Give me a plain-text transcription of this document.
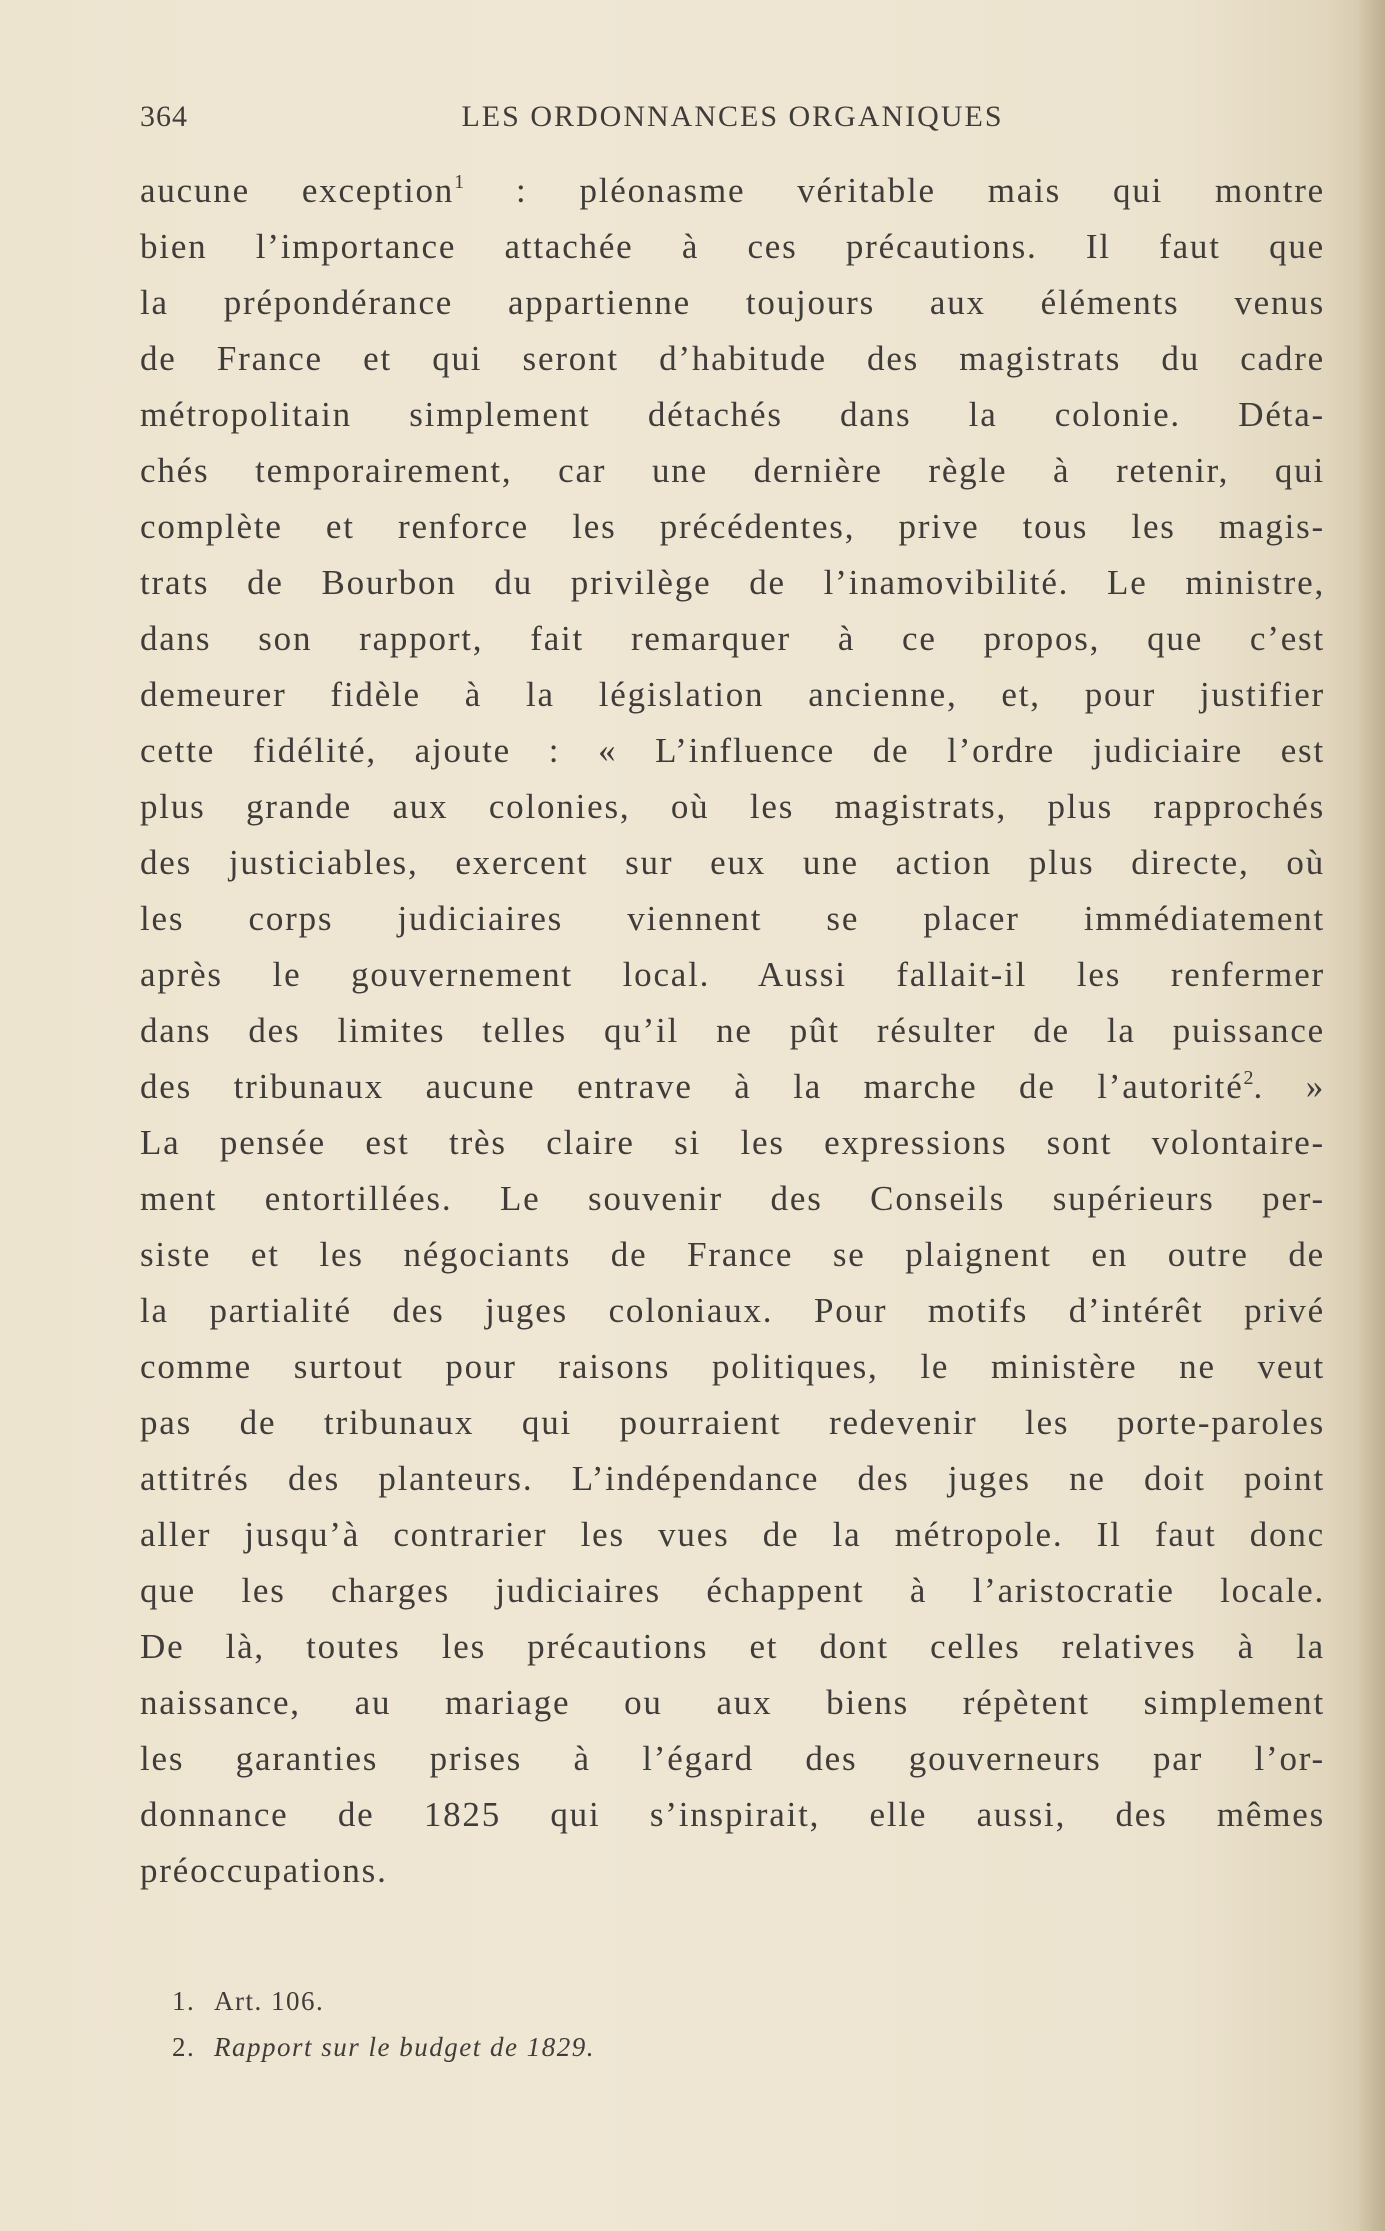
364	LES ORDONNANCES ORGANIQUES
aucune exception$^1$ : pléonasme véritable mais qui montre
bien l’importance attachée à ces précautions. Il faut que
la prépondérance appartienne toujours aux éléments venus
de France et qui seront d’habitude des magistrats du cadre
métropolitain simplement détachés dans la colonie. Déta-
chés temporairement, car une dernière règle à retenir, qui
complète et renforce les précédentes, prive tous les magis-
trats de Bourbon du privilège de l’inamovibilité. Le ministre,
dans son rapport, fait remarquer à ce propos, que c’est
demeurer fidèle à la législation ancienne, et, pour justifier
cette fidélité, ajoute : « L’influence de l’ordre judiciaire est
plus grande aux colonies, où les magistrats, plus rapprochés
des justiciables, exercent sur eux une action plus directe, où
les corps judiciaires viennent se placer immédiatement
après le gouvernement local. Aussi fallait-il les renfermer
dans des limites telles qu’il ne pût résulter de la puissance
des tribunaux aucune entrave à la marche de l’autorité$^2$. »
La pensée est très claire si les expressions sont volontaire-
ment entortillées. Le souvenir des Conseils supérieurs per-
siste et les négociants de France se plaignent en outre de
la partialité des juges coloniaux. Pour motifs d’intérêt privé
comme surtout pour raisons politiques, le ministère ne veut
pas de tribunaux qui pourraient redevenir les porte-paroles
attitrés des planteurs. L’indépendance des juges ne doit point
aller jusqu’à contrarier les vues de la métropole. Il faut donc
que les charges judiciaires échappent à l’aristocratie locale.
De là, toutes les précautions et dont celles relatives à la
naissance, au mariage ou aux biens répètent simplement
les garanties prises à l’égard des gouverneurs par l’or-
donnance de 1825 qui s’inspirait, elle aussi, des mêmes
préoccupations.
1. Art. 106.
2. Rapport sur le budget de 1829.
